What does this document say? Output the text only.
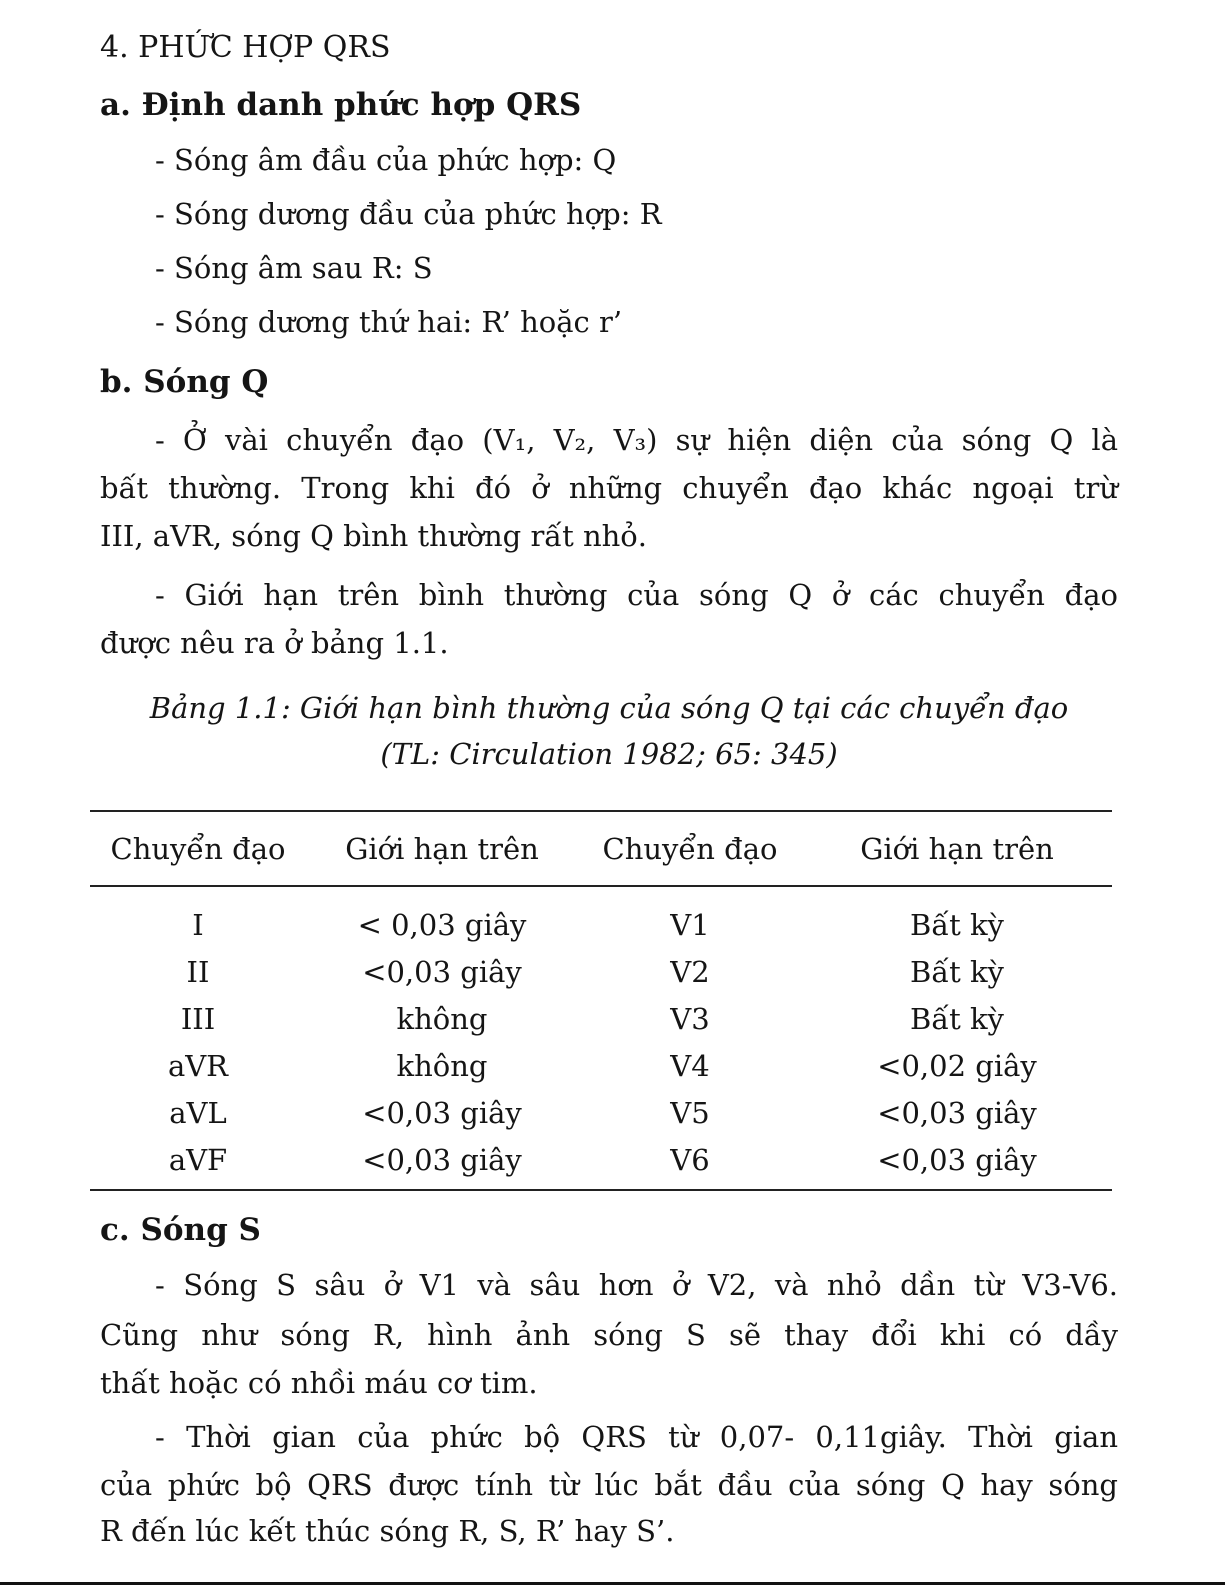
4. PHỨC HỢP QRS
a. Định danh phức hợp QRS
- Sóng âm đầu của phức hợp: Q
- Sóng dương đầu của phức hợp: R
- Sóng âm sau R: S
- Sóng dương thứ hai: R’ hoặc r’
b. Sóng Q
- Ở vài chuyển đạo (V₁, V₂, V₃) sự hiện diện của sóng Q là
bất thường. Trong khi đó ở những chuyển đạo khác ngoại trừ
III, aVR, sóng Q bình thường rất nhỏ.
- Giới hạn trên bình thường của sóng Q ở các chuyển đạo
được nêu ra ở bảng 1.1.
Bảng 1.1: Giới hạn bình thường của sóng Q tại các chuyển đạo
(TL: Circulation 1982; 65: 345)
Chuyển đạo	Giới hạn trên	Chuyển đạo	Giới hạn trên
I	< 0,03 giây	V1	Bất kỳ
II	<0,03 giây	V2	Bất kỳ
III	không	V3	Bất kỳ
aVR	không	V4	<0,02 giây
aVL	<0,03 giây	V5	<0,03 giây
aVF	<0,03 giây	V6	<0,03 giây
c. Sóng S
- Sóng S sâu ở V1 và sâu hơn ở V2, và nhỏ dần từ V3-V6.
Cũng như sóng R, hình ảnh sóng S sẽ thay đổi khi có dầy
thất hoặc có nhồi máu cơ tim.
- Thời gian của phức bộ QRS từ 0,07- 0,11giây. Thời gian
của phức bộ QRS được tính từ lúc bắt đầu của sóng Q hay sóng
R đến lúc kết thúc sóng R, S, R’ hay S’.
